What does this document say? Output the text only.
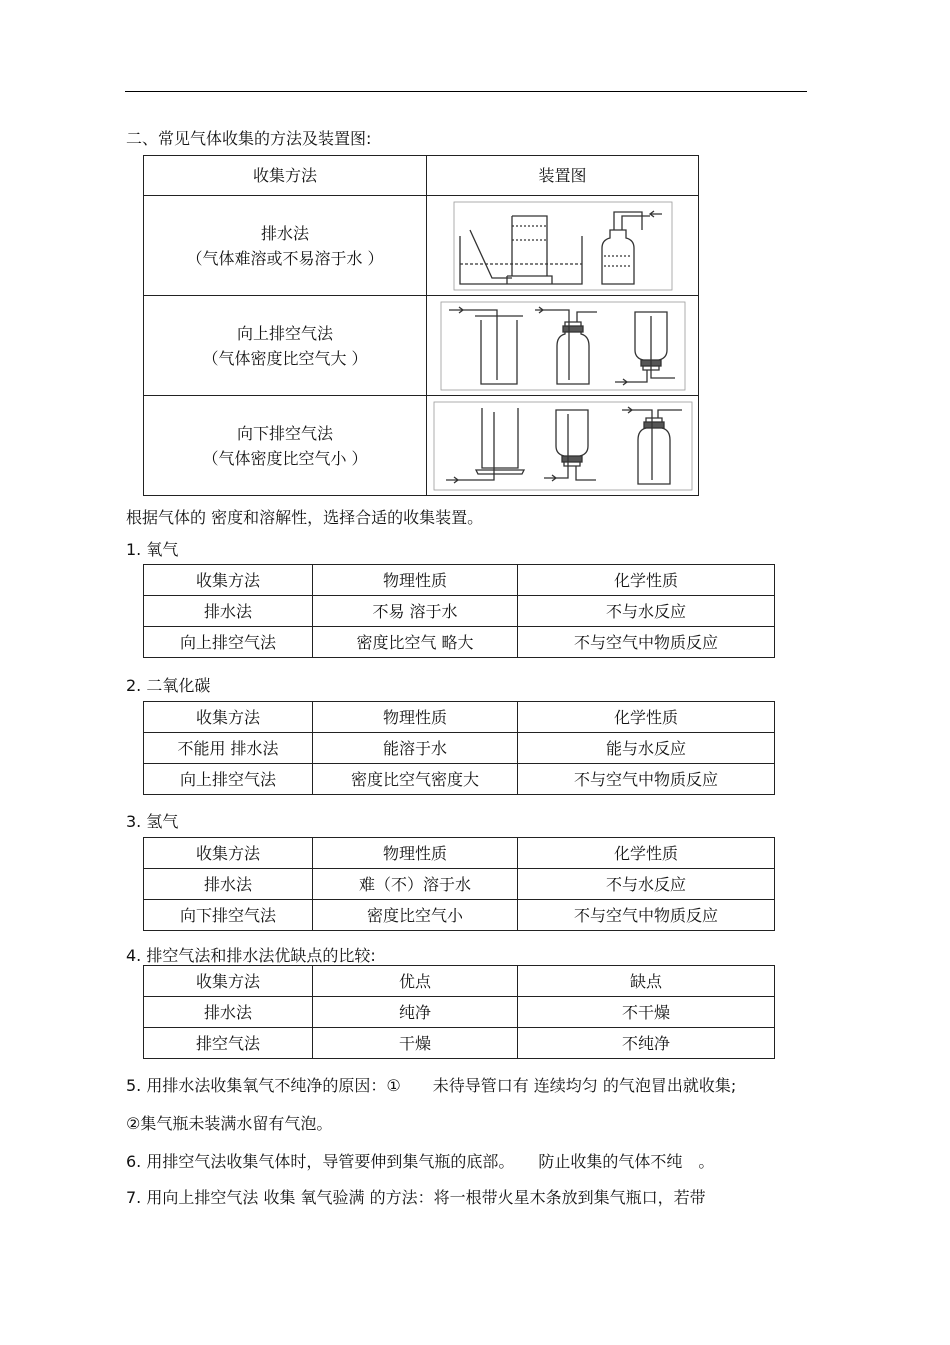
二、常见气体收集的方法及装置图:
收集方法	装置图

排水法
（气体难溶或不易溶于水 ）

向上排空气法
（气体密度比空气大 ）

向下排空气法
（气体密度比空气小 ）

根据气体的 密度和溶解性，选择合适的收集装置。
1. 氧气
收集方法	物理性质	化学性质
排水法	不易 溶于水	不与水反应
向上排空气法	密度比空气 略大	不与空气中物质反应
2. 二氧化碳
收集方法	物理性质	化学性质
不能用 排水法	能溶于水	能与水反应
向上排空气法	密度比空气密度大	不与空气中物质反应
3. 氢气
收集方法	物理性质	化学性质
排水法	难（不）溶于水	不与水反应
向下排空气法	密度比空气小	不与空气中物质反应
4. 排空气法和排水法优缺点的比较:
收集方法	优点	缺点
排水法	纯净	不干燥
排空气法	干燥	不纯净
5. 用排水法收集氧气不纯净的原因：①　　未待导管口有 连续均匀 的气泡冒出就收集;
②集气瓶未装满水留有气泡。
6. 用排空气法收集气体时，导管要伸到集气瓶的底部。　　防止收集的气体不纯　。
7. 用向上排空气法 收集 氧气验满 的方法：将一根带火星木条放到集气瓶口，若带
